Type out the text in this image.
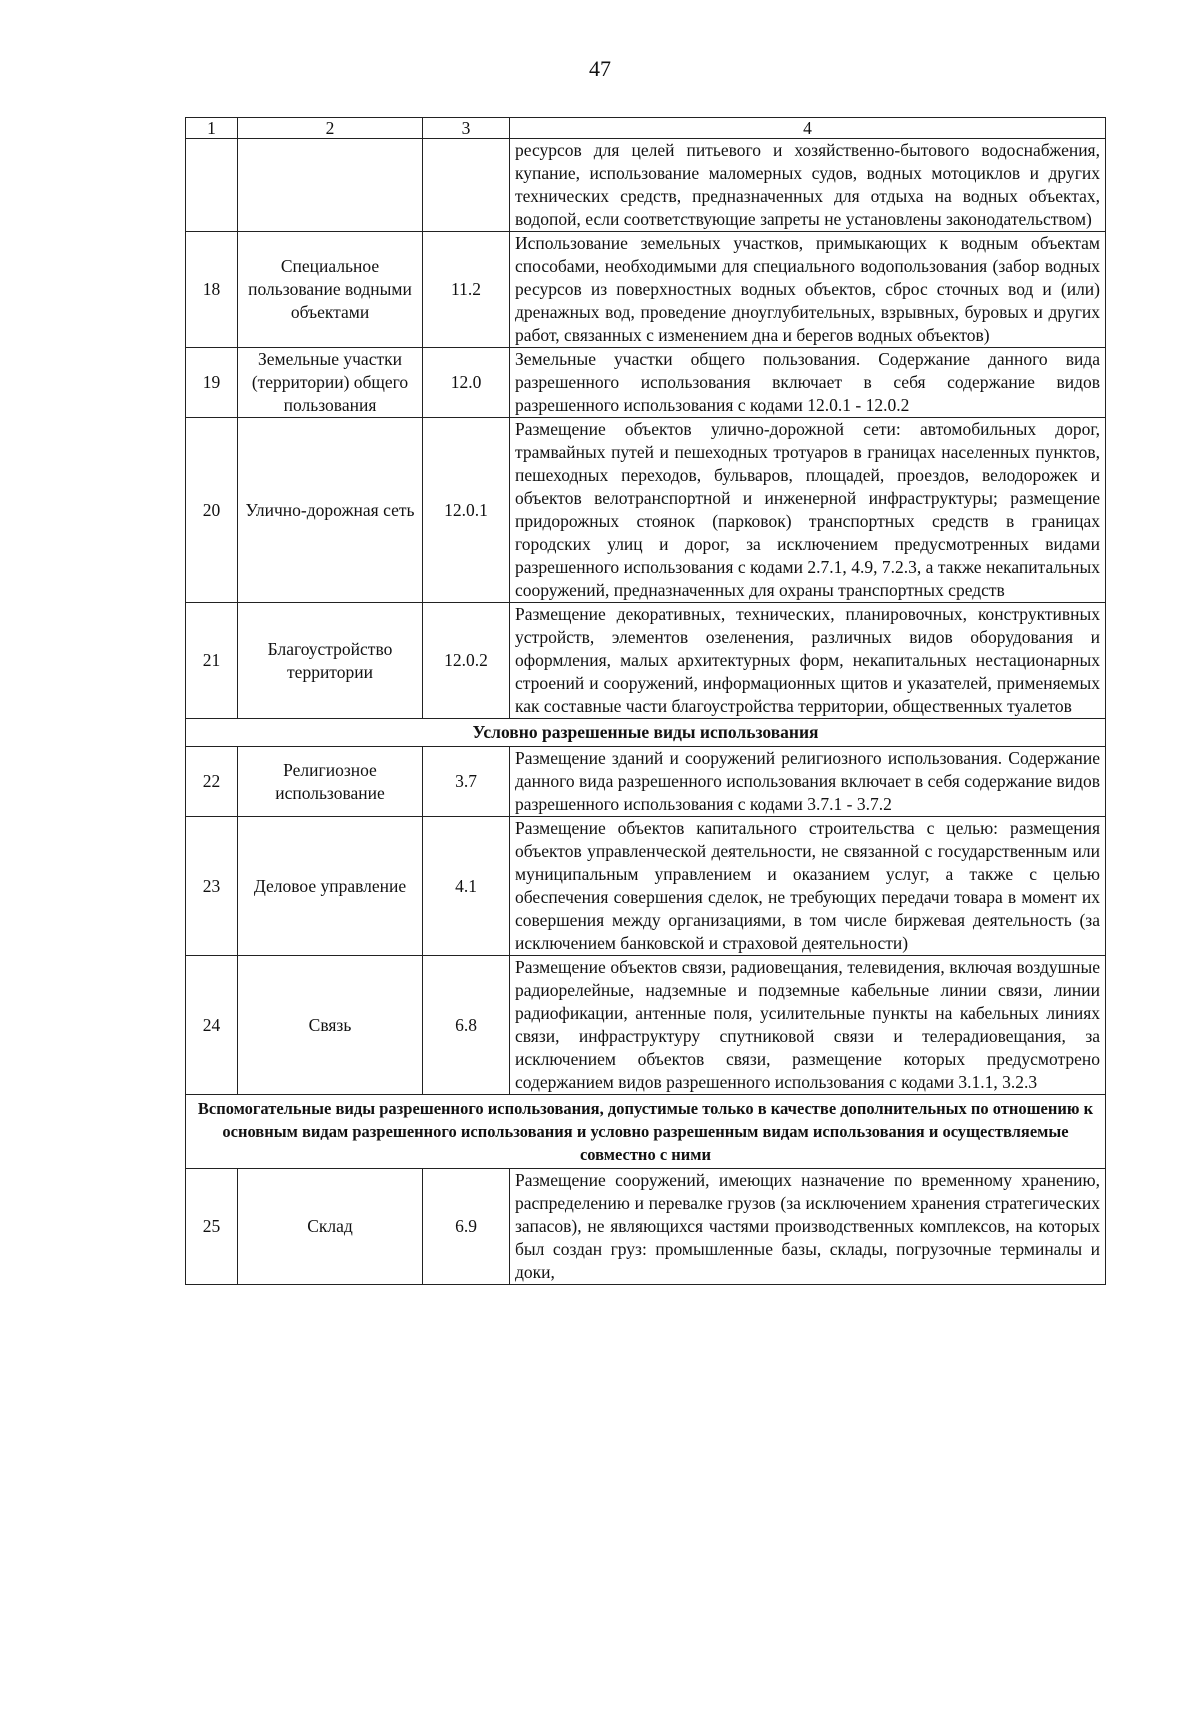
47
1	2	3	4
			ресурсов для целей питьевого и хозяйственно-бытового водоснабжения, купание, использование маломерных судов, водных мотоциклов и других технических средств, предназначенных для отдыха на водных объектах, водопой, если соответствующие запреты не установлены законодательством)
18	Специальное пользование водными объектами	11.2	Использование земельных участков, примыкающих к водным объектам способами, необходимыми для специального водопользования (забор водных ресурсов из поверхностных водных объектов, сброс сточных вод и (или) дренажных вод, проведение дноуглубительных, взрывных, буровых и других работ, связанных с изменением дна и берегов водных объектов)
19	Земельные участки (территории) общего пользования	12.0	Земельные участки общего пользования. Содержание данного вида разрешенного использования включает в себя содержание видов разрешенного использования с кодами 12.0.1 - 12.0.2
20	Улично-дорожная сеть	12.0.1	Размещение объектов улично-дорожной сети: автомобильных дорог, трамвайных путей и пешеходных тротуаров в границах населенных пунктов, пешеходных переходов, бульваров, площадей, проездов, велодорожек и объектов велотранспортной и инженерной инфраструктуры; размещение придорожных стоянок (парковок) транспортных средств в границах городских улиц и дорог, за исключением предусмотренных видами разрешенного использования с кодами 2.7.1, 4.9, 7.2.3, а также некапитальных сооружений, предназначенных для охраны транспортных средств
21	Благоустройство территории	12.0.2	Размещение декоративных, технических, планировочных, конструктивных устройств, элементов озеленения, различных видов оборудования и оформления, малых архитектурных форм, некапитальных нестационарных строений и сооружений, информационных щитов и указателей, применяемых как составные части благоустройства территории, общественных туалетов
Условно разрешенные виды использования			
22	Религиозное использование	3.7	Размещение зданий и сооружений религиозного использования. Содержание данного вида разрешенного использования включает в себя содержание видов разрешенного использования с кодами 3.7.1 - 3.7.2
23	Деловое управление	4.1	Размещение объектов капитального строительства с целью: размещения объектов управленческой деятельности, не связанной с государственным или муниципальным управлением и оказанием услуг, а также с целью обеспечения совершения сделок, не требующих передачи товара в момент их совершения между организациями, в том числе биржевая деятельность (за исключением банковской и страховой деятельности)
24	Связь	6.8	Размещение объектов связи, радиовещания, телевидения, включая воздушные радиорелейные, надземные и подземные кабельные линии связи, линии радиофикации, антенные поля, усилительные пункты на кабельных линиях связи, инфраструктуру спутниковой связи и телерадиовещания, за исключением объектов связи, размещение которых предусмотрено содержанием видов разрешенного использования с кодами 3.1.1, 3.2.3
Вспомогательные виды разрешенного использования, допустимые только в качестве дополнительных по отношению к основным видам разрешенного использования и условно разрешенным видам использования и осуществляемые совместно с ними			
25	Склад	6.9	Размещение сооружений, имеющих назначение по временному хранению, распределению и перевалке грузов (за исключением хранения стратегических запасов), не являющихся частями производственных комплексов, на которых был создан груз: промышленные базы, склады, погрузочные терминалы и доки,
